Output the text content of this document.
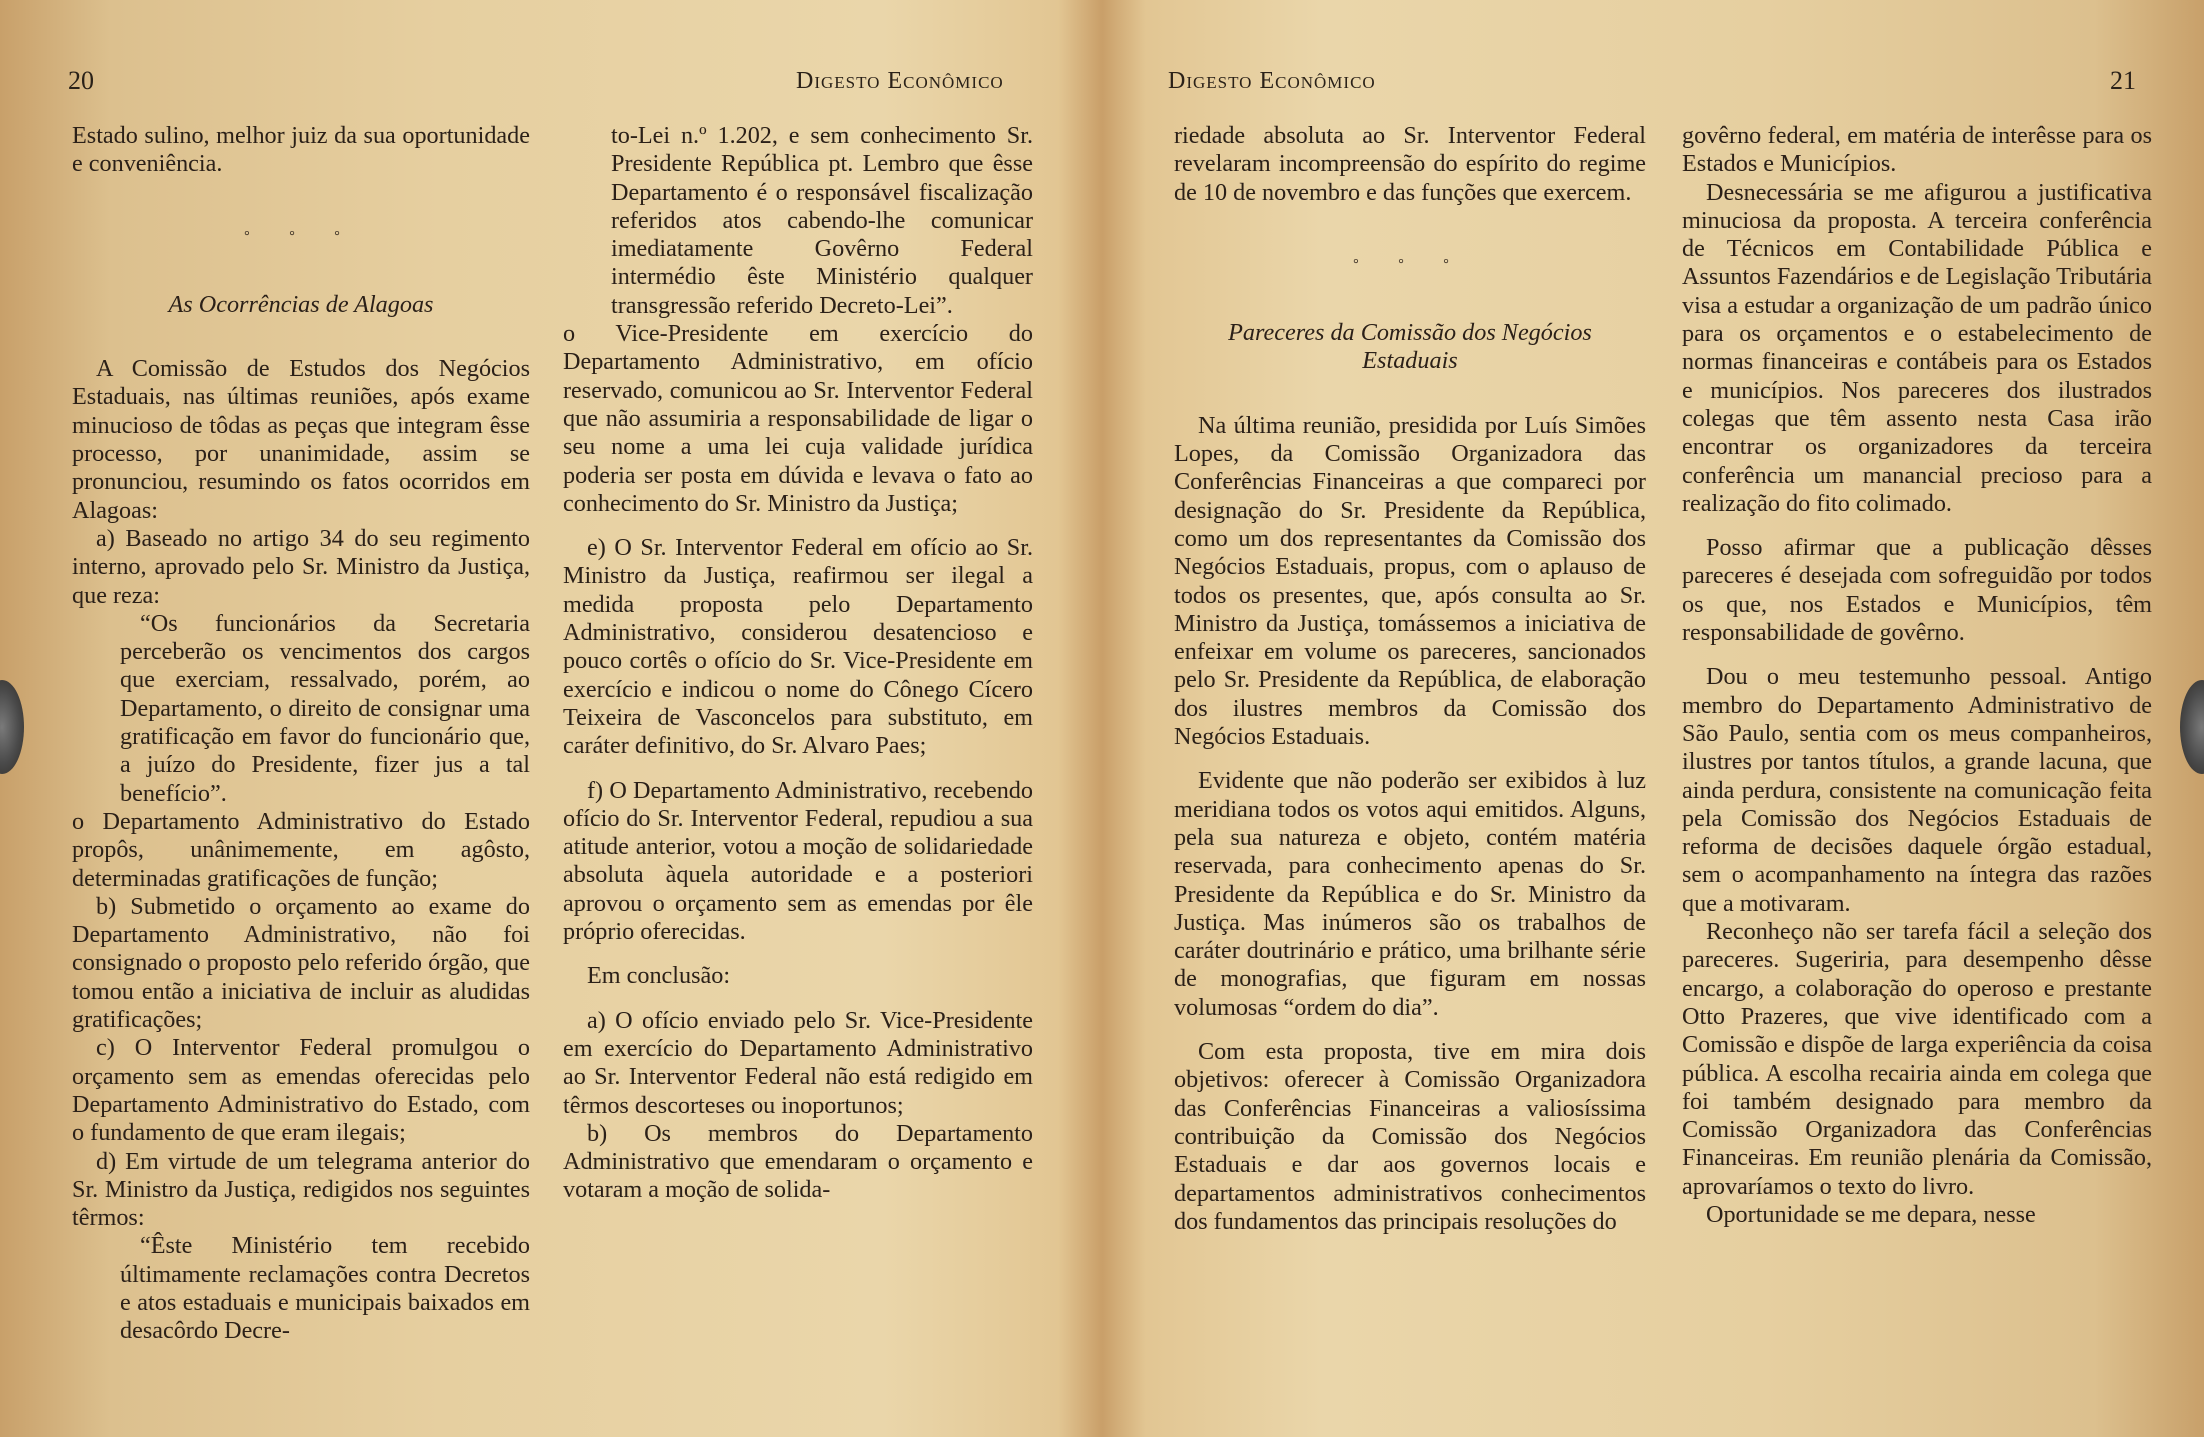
20	Digesto Econômico

Estado sulino, melhor juiz da sua oportunidade e conveniência.

° ° °
As Ocorrências de Alagoas

A Comissão de Estudos dos Negócios Estaduais, nas últimas reuniões, após exame minucioso de tôdas as peças que integram êsse processo, por unanimidade, assim se pronunciou, resumindo os fatos ocorridos em Alagoas:

a) Baseado no artigo 34 do seu regimento interno, aprovado pelo Sr. Ministro da Justiça, que reza:

“Os funcionários da Secretaria perceberão os vencimentos dos cargos que exerciam, ressalvado, porém, ao Departamento, o direito de consignar uma gratificação em favor do funcionário que, a juízo do Presidente, fizer jus a tal benefício”.

o Departamento Administrativo do Estado propôs, unânimemente, em agôsto, determinadas gratificações de função;

b) Submetido o orçamento ao exame do Departamento Administrativo, não foi consignado o proposto pelo referido órgão, que tomou então a iniciativa de incluir as aludidas gratificações;

c) O Interventor Federal promulgou o orçamento sem as emendas oferecidas pelo Departamento Administrativo do Estado, com o fundamento de que eram ilegais;

d) Em virtude de um telegrama anterior do Sr. Ministro da Justiça, redigidos nos seguintes têrmos:

“Êste Ministério tem recebido últimamente reclamações contra Decretos e atos estaduais e municipais baixados em desacôrdo Decre-

to-Lei n.º 1.202, e sem conhecimento Sr. Presidente República pt. Lembro que êsse Departamento é o responsável fiscalização referidos atos cabendo-lhe comunicar imediatamente Govêrno Federal intermédio êste Ministério qualquer transgressão referido Decreto-Lei”.

o Vice-Presidente em exercício do Departamento Administrativo, em ofício reservado, comunicou ao Sr. Interventor Federal que não assumiria a responsabilidade de ligar o seu nome a uma lei cuja validade jurídica poderia ser posta em dúvida e levava o fato ao conhecimento do Sr. Ministro da Justiça;

e) O Sr. Interventor Federal em ofício ao Sr. Ministro da Justiça, reafirmou ser ilegal a medida proposta pelo Departamento Administrativo, considerou desatencioso e pouco cortês o ofício do Sr. Vice-Presidente em exercício e indicou o nome do Cônego Cícero Teixeira de Vasconcelos para substituto, em caráter definitivo, do Sr. Alvaro Paes;

f) O Departamento Administrativo, recebendo ofício do Sr. Interventor Federal, repudiou a sua atitude anterior, votou a moção de solidariedade absoluta àquela autoridade e a posteriori aprovou o orçamento sem as emendas por êle próprio oferecidas.

Em conclusão:

a) O ofício enviado pelo Sr. Vice-Presidente em exercício do Departamento Administrativo ao Sr. Interventor Federal não está redigido em têrmos descorteses ou inoportunos;

b) Os membros do Departamento Administrativo que emendaram o orçamento e votaram a moção de solida-

Digesto Econômico	21

riedade absoluta ao Sr. Interventor Federal revelaram incompreensão do espírito do regime de 10 de novembro e das funções que exercem.

° ° °
Pareceres da Comissão dos Negócios
Estaduais

Na última reunião, presidida por Luís Simões Lopes, da Comissão Organizadora das Conferências Financeiras a que compareci por designação do Sr. Presidente da República, como um dos representantes da Comissão dos Negócios Estaduais, propus, com o aplauso de todos os presentes, que, após consulta ao Sr. Ministro da Justiça, tomássemos a iniciativa de enfeixar em volume os pareceres, sancionados pelo Sr. Presidente da República, de elaboração dos ilustres membros da Comissão dos Negócios Estaduais.

Evidente que não poderão ser exibidos à luz meridiana todos os votos aqui emitidos. Alguns, pela sua natureza e objeto, contém matéria reservada, para conhecimento apenas do Sr. Presidente da República e do Sr. Ministro da Justiça. Mas inúmeros são os trabalhos de caráter doutrinário e prático, uma brilhante série de monografias, que figuram em nossas volumosas “ordem do dia”.

Com esta proposta, tive em mira dois objetivos: oferecer à Comissão Organizadora das Conferências Financeiras a valiosíssima contribuição da Comissão dos Negócios Estaduais e dar aos governos locais e departamentos administrativos conhecimentos dos fundamentos das principais resoluções do

govêrno federal, em matéria de interêsse para os Estados e Municípios.

Desnecessária se me afigurou a justificativa minuciosa da proposta. A terceira conferência de Técnicos em Contabilidade Pública e Assuntos Fazendários e de Legislação Tributária visa a estudar a organização de um padrão único para os orçamentos e o estabelecimento de normas financeiras e contábeis para os Estados e municípios. Nos pareceres dos ilustrados colegas que têm assento nesta Casa irão encontrar os organizadores da terceira conferência um manancial precioso para a realização do fito colimado.

Posso afirmar que a publicação dêsses pareceres é desejada com sofreguidão por todos os que, nos Estados e Municípios, têm responsabilidade de govêrno.

Dou o meu testemunho pessoal. Antigo membro do Departamento Administrativo de São Paulo, sentia com os meus companheiros, ilustres por tantos títulos, a grande lacuna, que ainda perdura, consistente na comunicação feita pela Comissão dos Negócios Estaduais de reforma de decisões daquele órgão estadual, sem o acompanhamento na íntegra das razões que a motivaram.

Reconheço não ser tarefa fácil a seleção dos pareceres. Sugeriria, para desempenho dêsse encargo, a colaboração do operoso e prestante Otto Prazeres, que vive identificado com a Comissão e dispõe de larga experiência da coisa pública. A escolha recairia ainda em colega que foi também designado para membro da Comissão Organizadora das Conferências Financeiras. Em reunião plenária da Comissão, aprovaríamos o texto do livro.

Oportunidade se me depara, nesse
